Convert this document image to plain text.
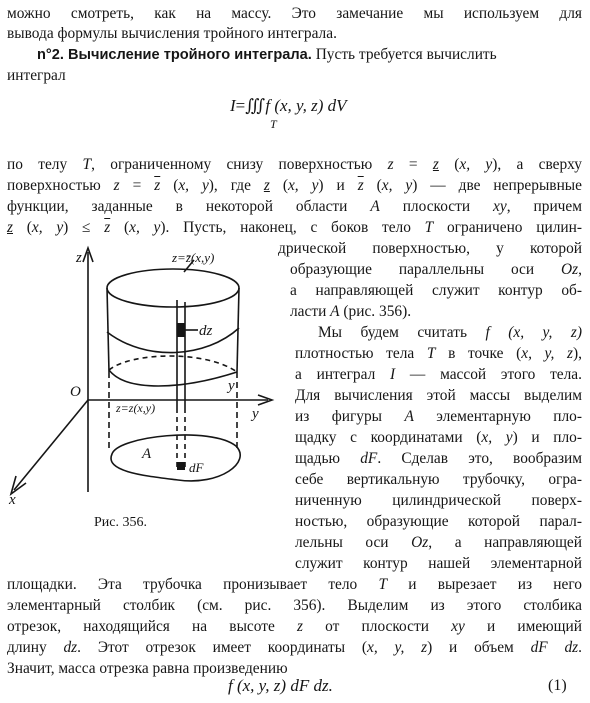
можно смотреть, как на массу. Это замечание мы используем для
вывода формулы вычисления тройного интеграла.
n°2. Вычисление тройного интеграла. Пусть требуется вычислить
интеграл
I=∭f (x, y, z) dV
T
по телу T, ограниченному снизу поверхностью z = z (x, y), а сверху
поверхностью $z = \overline{z}$ (x, y), где z (x, y) и $\overline{z}$ (x, y) — две непрерывные
функции, заданные в некоторой области A плоскости xy, причем
z (x, $y) \le \overline{z}$ (x, y). Пусть, наконец, с боков тело T ограничено цилин-
дрической поверхностью, у которой
образующие параллельны оси Oz,
а направляющей служит контур об-
ласти A (рис. 356).
Мы будем считать f (x, y, z)
плотностью тела T в точке (x, y, z),
а интеграл I — массой этого тела.
Для вычисления этой массы выделим
из фигуры A элементарную пло-
щадку с координатами (x, y) и пло-
щадью dF. Сделав это, вообразим
себе вертикальную трубочку, огра-
ниченную цилиндрической поверх-
ностью, образующие которой парал-
лельны оси Oz, а направляющей
служит контур нашей элементарной
площадки. Эта трубочка пронизывает тело T и вырезает из него
элементарный столбик (см. рис. 356). Выделим из этого столбика
отрезок, находящийся на высоте z от плоскости xy и имеющий
длину dz. Этот отрезок имеет координаты (x, y, z) и объем dF dz.
Значит, масса отрезка равна произведению
f (x, y, z) dF dz.	(1)
z
y
x
O
z=z̄(x,y)
z=z(x,y)
dz
A
dF
y
Рис. 356.
